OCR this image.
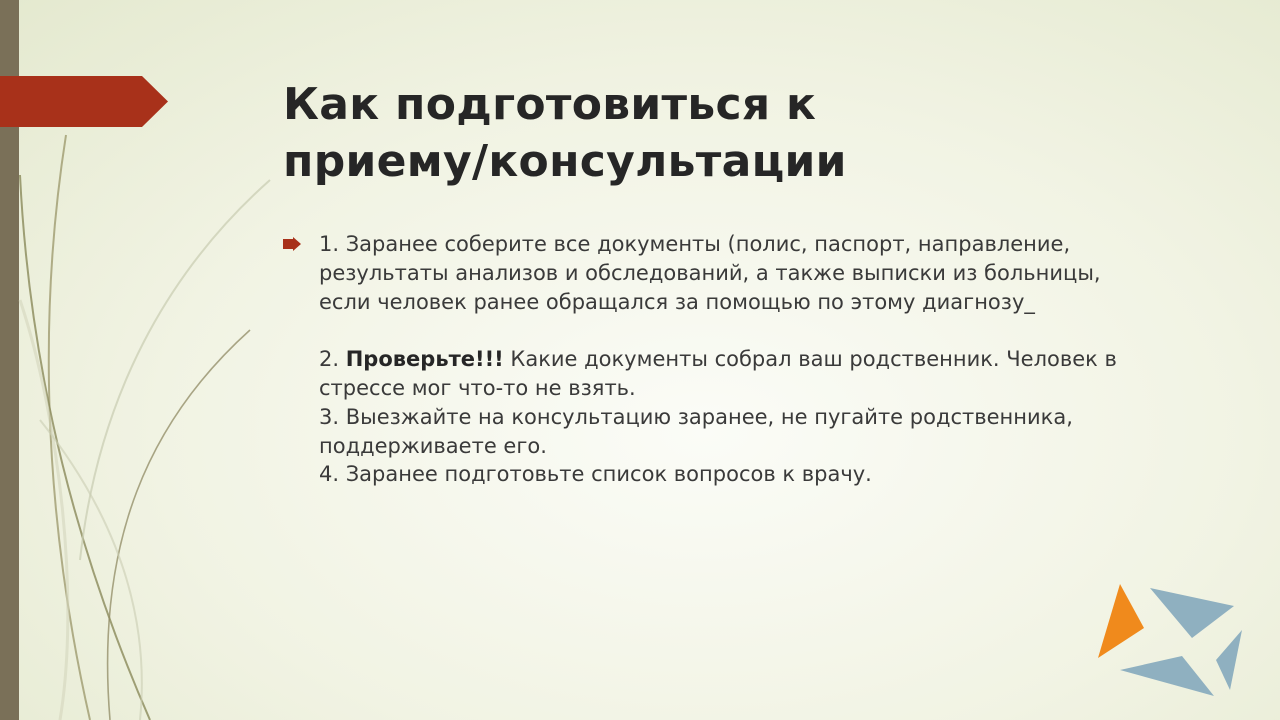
Как подготовиться к
приему/консультации
1. Заранее соберите все документы (полис, паспорт, направление,
результаты анализов и обследований, а также выписки из больницы,
если человек ранее обращался за помощью по этому диагнозу_
2. Проверьте!!! Какие документы собрал ваш родственник. Человек в
стрессе мог что-то не взять.
3. Выезжайте на консультацию заранее, не пугайте родственника,
поддерживаете его.
4. Заранее подготовьте список вопросов к врачу.
